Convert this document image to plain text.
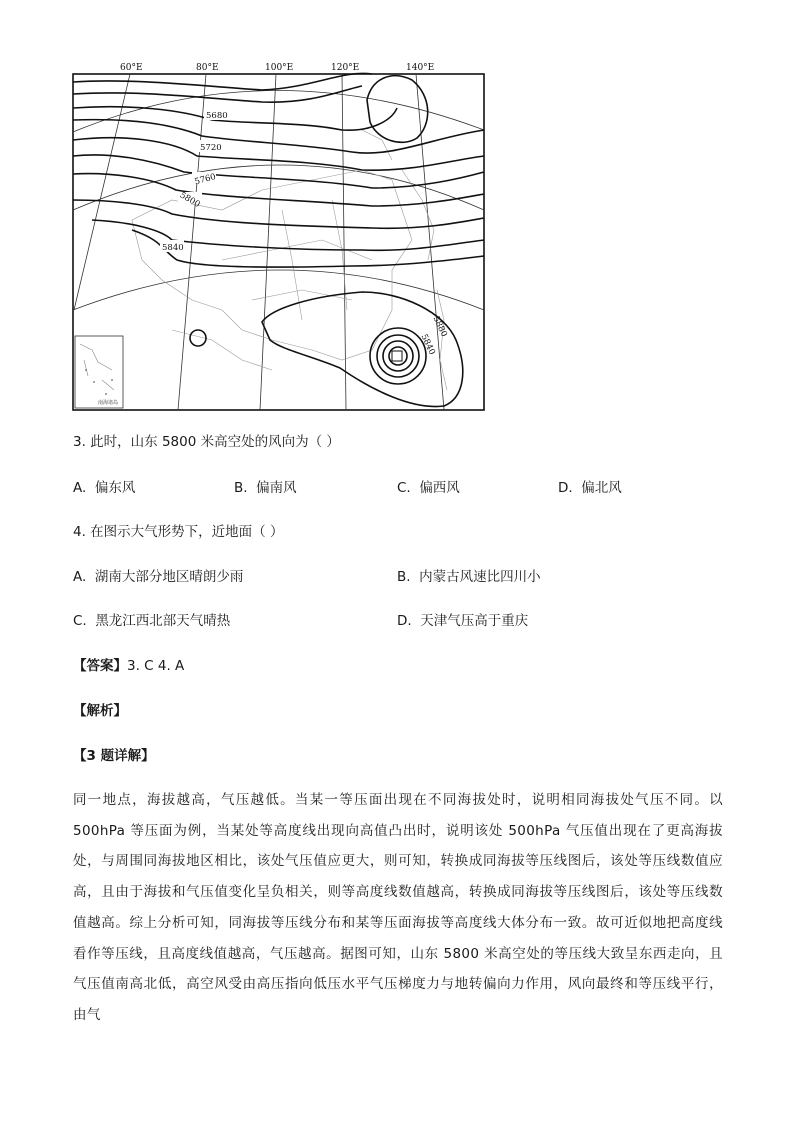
60°E	80°E	100°E	120°E	140°E
5680
5720
5760
5800
5840
5840
5880
南海诸岛
3. 此时，山东 5800 米高空处的风向为（ ）
A. 偏东风	B. 偏南风	C. 偏西风	D. 偏北风
4. 在图示大气形势下，近地面（ ）
A. 湖南大部分地区晴朗少雨	B. 内蒙古风速比四川小
C. 黑龙江西北部天气晴热	D. 天津气压高于重庆
【答案】3. C 4. A
【解析】
【3 题详解】
同一地点，海拔越高，气压越低。当某一等压面出现在不同海拔处时，说明相同海拔处气压不同。以 500hPa 等压面为例，当某处等高度线出现向高值凸出时，说明该处 500hPa 气压值出现在了更高海拔处，与周围同海拔地区相比，该处气压值应更大，则可知，转换成同海拔等压线图后，该处等压线数值应高，且由于海拔和气压值变化呈负相关，则等高度线数值越高，转换成同海拔等压线图后，该处等压线数值越高。综上分析可知，同海拔等压线分布和某等压面海拔等高度线大体分布一致。故可近似地把高度线看作等压线，且高度线值越高，气压越高。据图可知，山东 5800 米高空处的等压线大致呈东西走向，且气压值南高北低，高空风受由高压指向低压水平气压梯度力与地转偏向力作用，风向最终和等压线平行，由气
